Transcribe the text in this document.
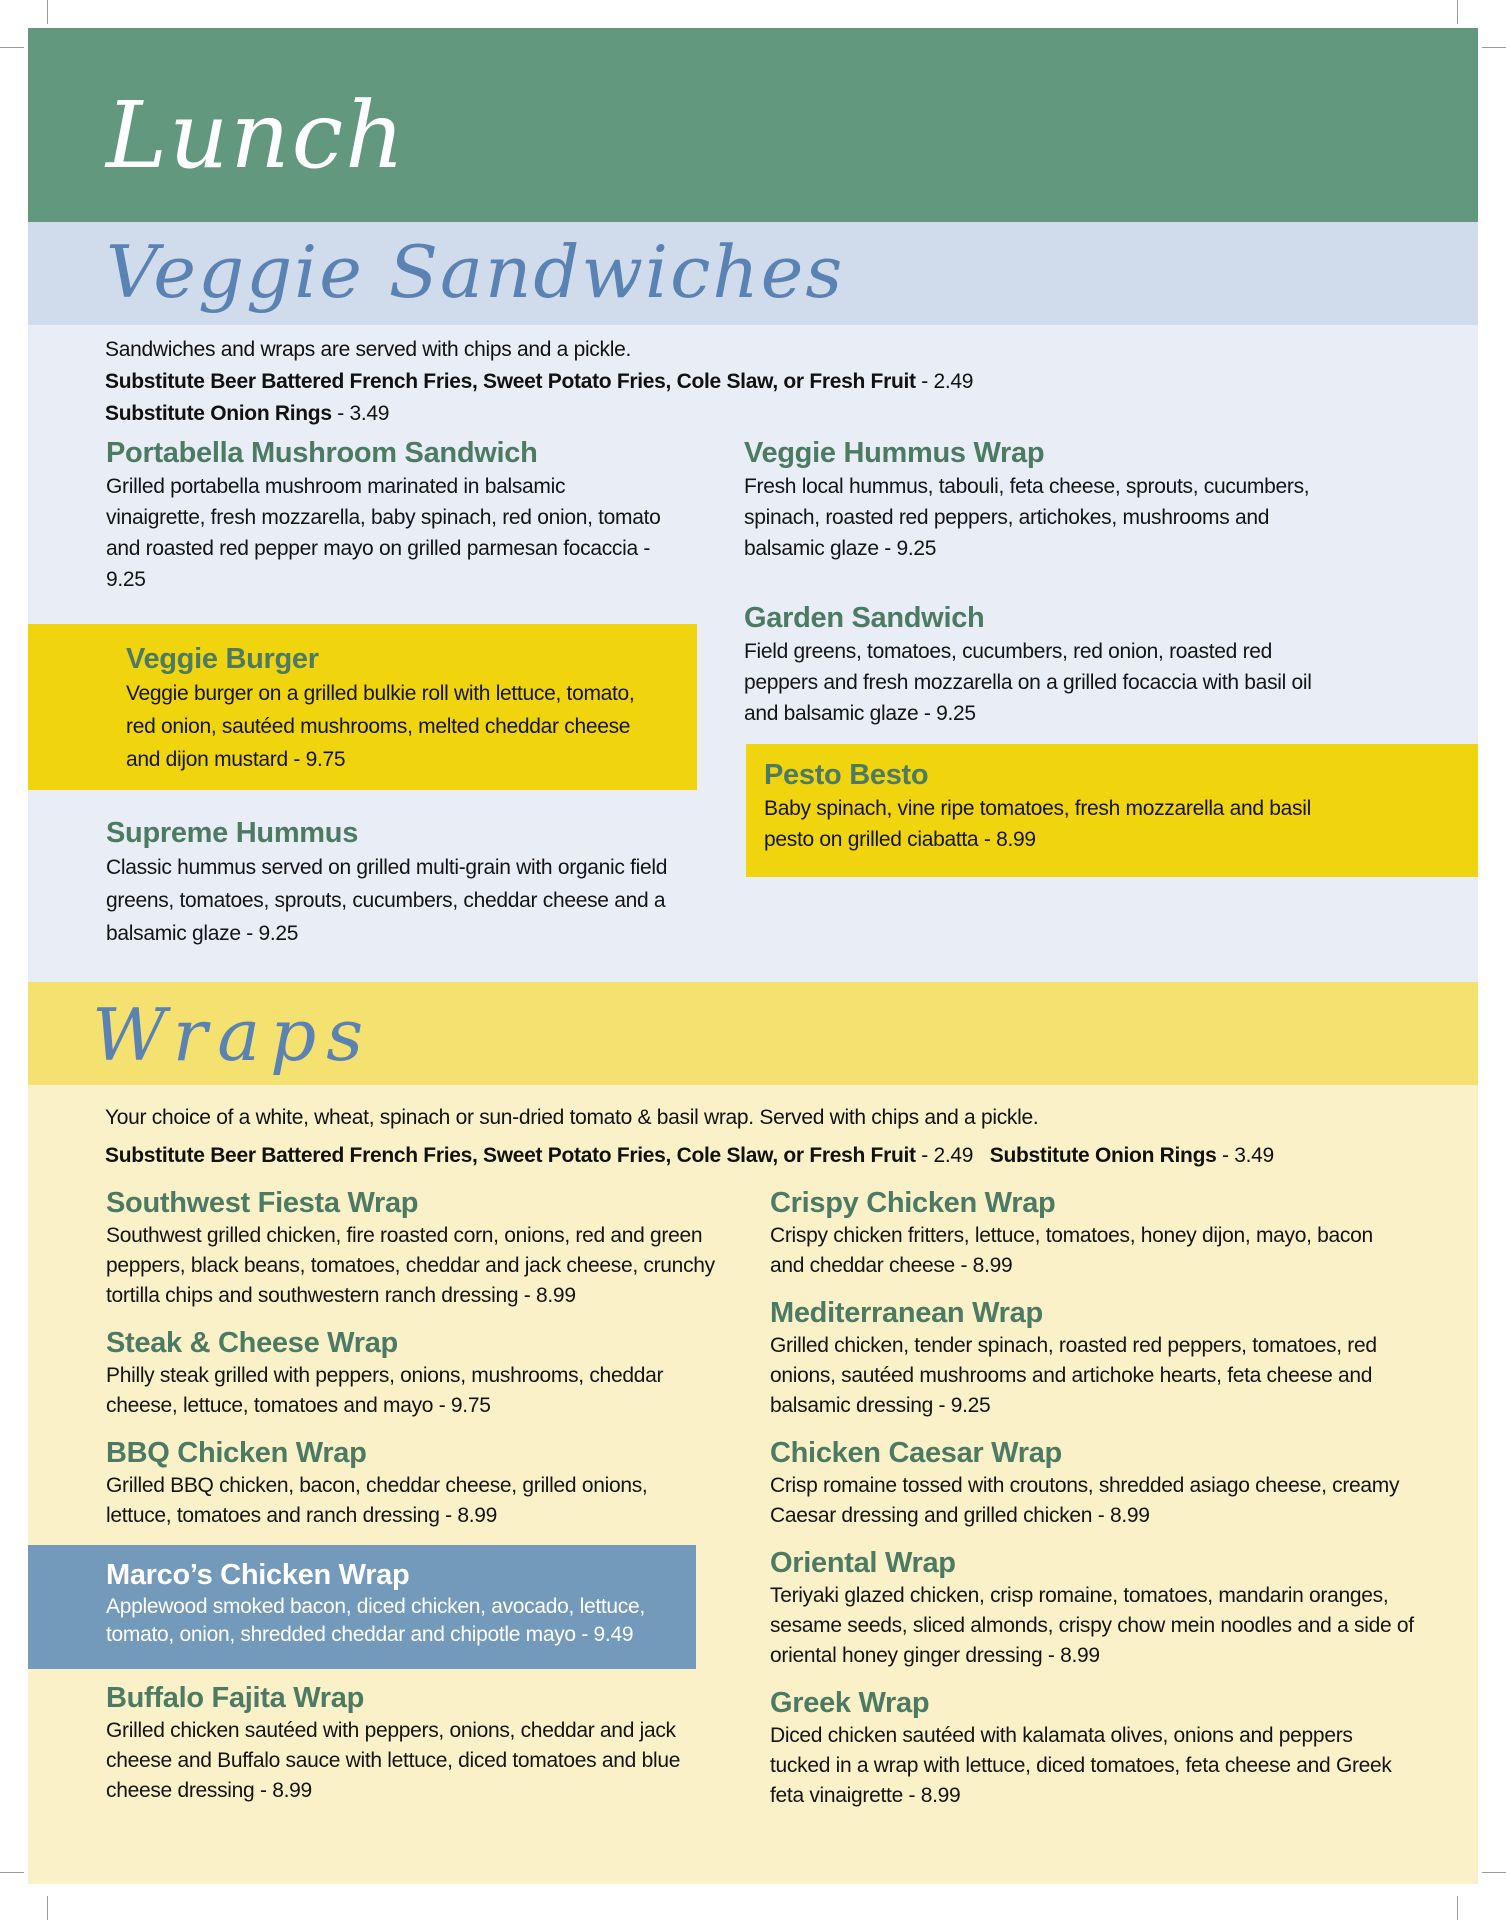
Lunch
Veggie Sandwiches
Wraps
Sandwiches and wraps are served with chips and a pickle.
Substitute Beer Battered French Fries, Sweet Potato Fries, Cole Slaw, or Fresh Fruit - 2.49
Substitute Onion Rings - 3.49
Portabella Mushroom Sandwich
Grilled portabella mushroom marinated in balsamic vinaigrette, fresh mozzarella, baby spinach, red onion, tomato and roasted red pepper mayo on grilled parmesan focaccia - 9.25
Veggie Burger
Veggie burger on a grilled bulkie roll with lettuce, tomato, red onion, sautéed mushrooms, melted cheddar cheese and dijon mustard - 9.75
Supreme Hummus
Classic hummus served on grilled multi-grain with organic field greens, tomatoes, sprouts, cucumbers, cheddar cheese and a balsamic glaze - 9.25
Veggie Hummus Wrap
Fresh local hummus, tabouli, feta cheese, sprouts, cucumbers, spinach, roasted red peppers, artichokes, mushrooms and balsamic glaze - 9.25
Garden Sandwich
Field greens, tomatoes, cucumbers, red onion, roasted red peppers and fresh mozzarella on a grilled focaccia with basil oil and balsamic glaze - 9.25
Pesto Besto
Baby spinach, vine ripe tomatoes, fresh mozzarella and basil pesto on grilled ciabatta - 8.99
Your choice of a white, wheat, spinach or sun-dried tomato & basil wrap. Served with chips and a pickle.
Substitute Beer Battered French Fries, Sweet Potato Fries, Cole Slaw, or Fresh Fruit - 2.49 Substitute Onion Rings - 3.49
Southwest Fiesta Wrap
Southwest grilled chicken, fire roasted corn, onions, red and green peppers, black beans, tomatoes, cheddar and jack cheese, crunchy tortilla chips and southwestern ranch dressing - 8.99
Steak & Cheese Wrap
Philly steak grilled with peppers, onions, mushrooms, cheddar cheese, lettuce, tomatoes and mayo - 9.75
BBQ Chicken Wrap
Grilled BBQ chicken, bacon, cheddar cheese, grilled onions, lettuce, tomatoes and ranch dressing - 8.99
Marco’s Chicken Wrap
Applewood smoked bacon, diced chicken, avocado, lettuce, tomato, onion, shredded cheddar and chipotle mayo - 9.49
Buffalo Fajita Wrap
Grilled chicken sautéed with peppers, onions, cheddar and jack cheese and Buffalo sauce with lettuce, diced tomatoes and blue cheese dressing - 8.99
Crispy Chicken Wrap
Crispy chicken fritters, lettuce, tomatoes, honey dijon, mayo, bacon and cheddar cheese - 8.99
Mediterranean Wrap
Grilled chicken, tender spinach, roasted red peppers, tomatoes, red onions, sautéed mushrooms and artichoke hearts, feta cheese and balsamic dressing - 9.25
Chicken Caesar Wrap
Crisp romaine tossed with croutons, shredded asiago cheese, creamy Caesar dressing and grilled chicken - 8.99
Oriental Wrap
Teriyaki glazed chicken, crisp romaine, tomatoes, mandarin oranges, sesame seeds, sliced almonds, crispy chow mein noodles and a side of oriental honey ginger dressing - 8.99
Greek Wrap
Diced chicken sautéed with kalamata olives, onions and peppers tucked in a wrap with lettuce, diced tomatoes, feta cheese and Greek feta vinaigrette - 8.99
